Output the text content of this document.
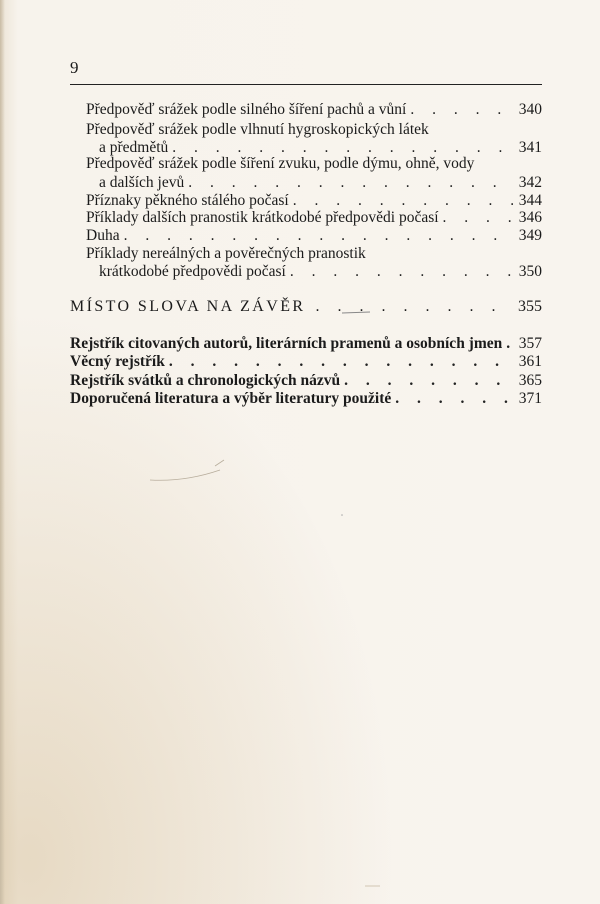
9
Předpověď srážek podle silného šíření pachů a vůní . . .	340
Předpověď srážek podle vlhnutí hygroskopických látek
a předmětů . . .	341
Předpověď srážek podle šíření zvuku, podle dýmu, ohně, vody
a dalších jevů . . .	342
Příznaky pěkného stálého počasí . . .	344
Příklady dalších pranostik krátkodobé předpovědi počasí . . .	346
Duha . . .	349
Příklady nereálných a pověrečných pranostik
krátkodobé předpovědi počasí . . .	350
MÍSTO SLOVA NA ZÁVĚR . . .	355
Rejstřík citovaných autorů, literárních pramenů a osobních jmen . . . 357
Věcný rejstřík . . .	361
Rejstřík svátků a chronologických názvů . . .	365
Doporučená literatura a výběr literatury použité . . .	371
